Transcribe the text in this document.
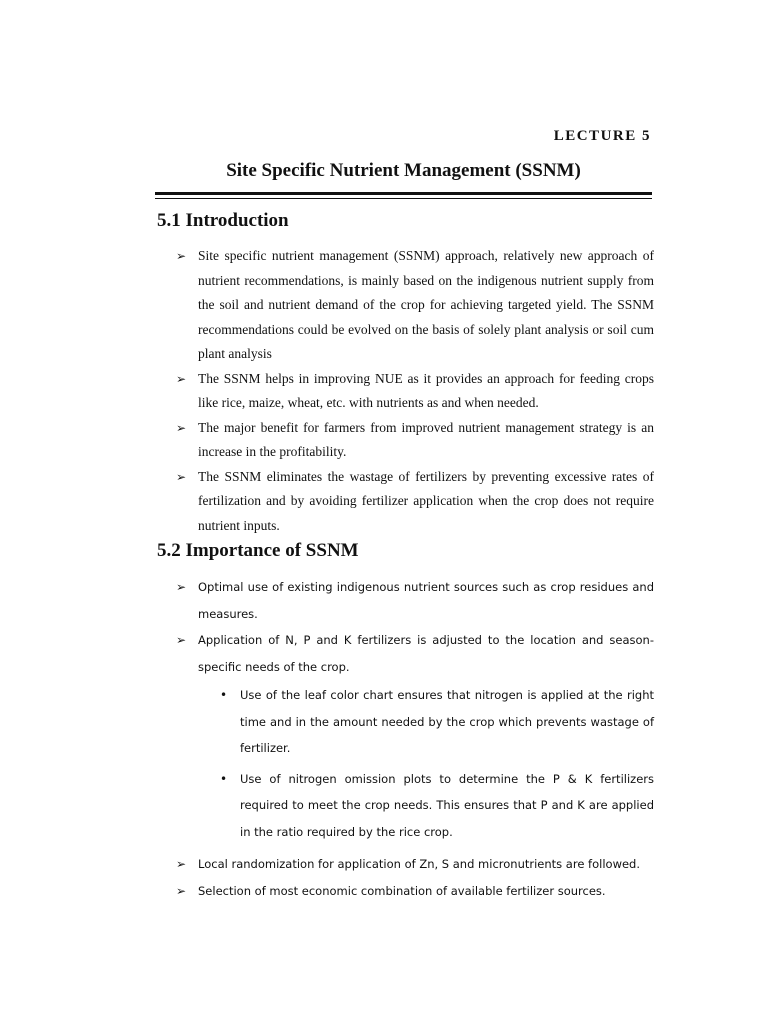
LECTURE 5
Site Specific Nutrient Management (SSNM)
5.1 Introduction
➢ Site specific nutrient management (SSNM) approach, relatively new approach of nutrient recommendations, is mainly based on the indigenous nutrient supply from the soil and nutrient demand of the crop for achieving targeted yield. The SSNM recommendations could be evolved on the basis of solely plant analysis or soil cum plant analysis
➢ The SSNM helps in improving NUE as it provides an approach for feeding crops like rice, maize, wheat, etc. with nutrients as and when needed.
➢ The major benefit for farmers from improved nutrient management strategy is an increase in the profitability.
➢ The SSNM eliminates the wastage of fertilizers by preventing excessive rates of fertilization and by avoiding fertilizer application when the crop does not require nutrient inputs.
5.2 Importance of SSNM
➢ Optimal use of existing indigenous nutrient sources such as crop residues and measures.
➢ Application of N, P and K fertilizers is adjusted to the location and season-specific needs of the crop.
• Use of the leaf color chart ensures that nitrogen is applied at the right time and in the amount needed by the crop which prevents wastage of fertilizer.
• Use of nitrogen omission plots to determine the P & K fertilizers required to meet the crop needs. This ensures that P and K are applied in the ratio required by the rice crop.
➢ Local randomization for application of Zn, S and micronutrients are followed.
➢ Selection of most economic combination of available fertilizer sources.
